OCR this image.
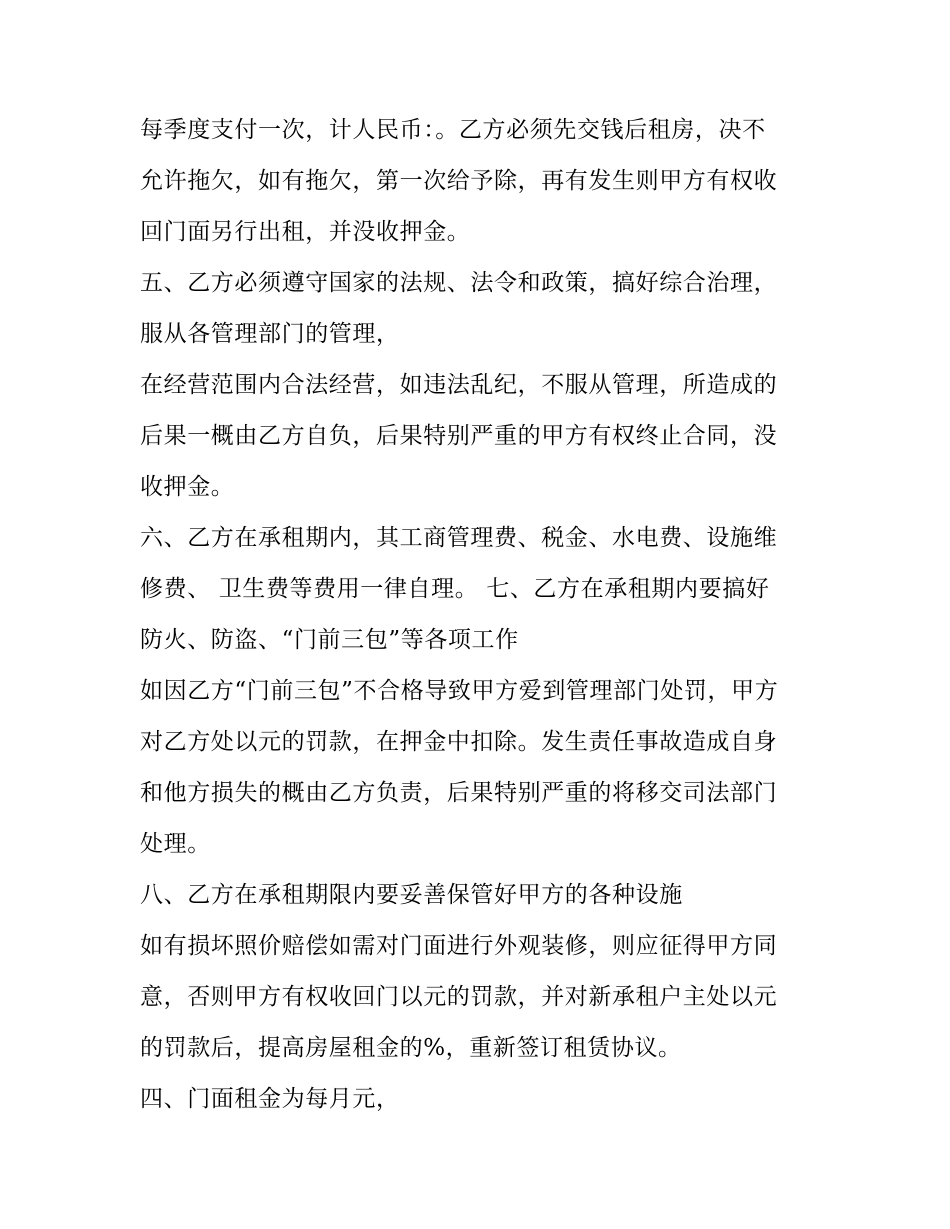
每季度支付一次，计人民币：。乙方必须先交钱后租房，决不
允许拖欠，如有拖欠，第一次给予除，再有发生则甲方有权收
回门面另行出租，并没收押金。
五、乙方必须遵守国家的法规、法令和政策，搞好综合治理，
服从各管理部门的管理，
在经营范围内合法经营，如违法乱纪，不服从管理，所造成的
后果一概由乙方自负，后果特别严重的甲方有权终止合同，没
收押金。
六、乙方在承租期内，其工商管理费、税金、水电费、设施维
修费、 卫生费等费用一律自理。 七、乙方在承租期内要搞好
防火、防盗、“门前三包”等各项工作
如因乙方“门前三包”不合格导致甲方爱到管理部门处罚，甲方
对乙方处以元的罚款，在押金中扣除。发生责任事故造成自身
和他方损失的概由乙方负责，后果特别严重的将移交司法部门
处理。
八、乙方在承租期限内要妥善保管好甲方的各种设施
如有损坏照价赔偿如需对门面进行外观装修，则应征得甲方同
意，否则甲方有权收回门以元的罚款，并对新承租户主处以元
的罚款后，提高房屋租金的%，重新签订租赁协议。
四、门面租金为每月元，
